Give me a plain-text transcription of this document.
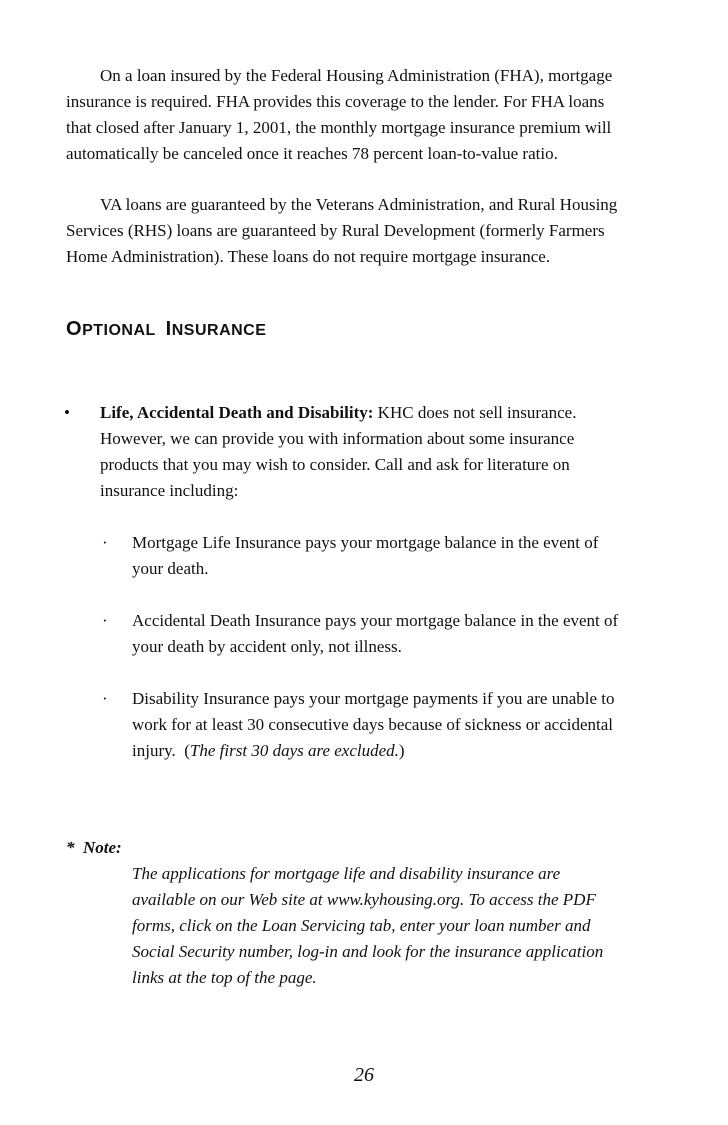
On a loan insured by the Federal Housing Administration (FHA), mortgage
insurance is required. FHA provides this coverage to the lender. For FHA loans
that closed after January 1, 2001, the monthly mortgage insurance premium will
automatically be canceled once it reaches 78 percent loan-to-value ratio.

VA loans are guaranteed by the Veterans Administration, and Rural Housing
Services (RHS) loans are guaranteed by Rural Development (formerly Farmers
Home Administration). These loans do not require mortgage insurance.

OPTIONAL INSURANCE
• Life, Accidental Death and Disability: KHC does not sell insurance.
However, we can provide you with information about some insurance
products that you may wish to consider. Call and ask for literature on
insurance including:
· Mortgage Life Insurance pays your mortgage balance in the event of
your death.
· Accidental Death Insurance pays your mortgage balance in the event of
your death by accident only, not illness.
· Disability Insurance pays your mortgage payments if you are unable to
work for at least 30 consecutive days because of sickness or accidental
injury.  (The first 30 days are excluded.)
*  Note:
The applications for mortgage life and disability insurance are
available on our Web site at www.kyhousing.org. To access the PDF
forms, click on the Loan Servicing tab, enter your loan number and
Social Security number, log-in and look for the insurance application
links at the top of the page.
26
